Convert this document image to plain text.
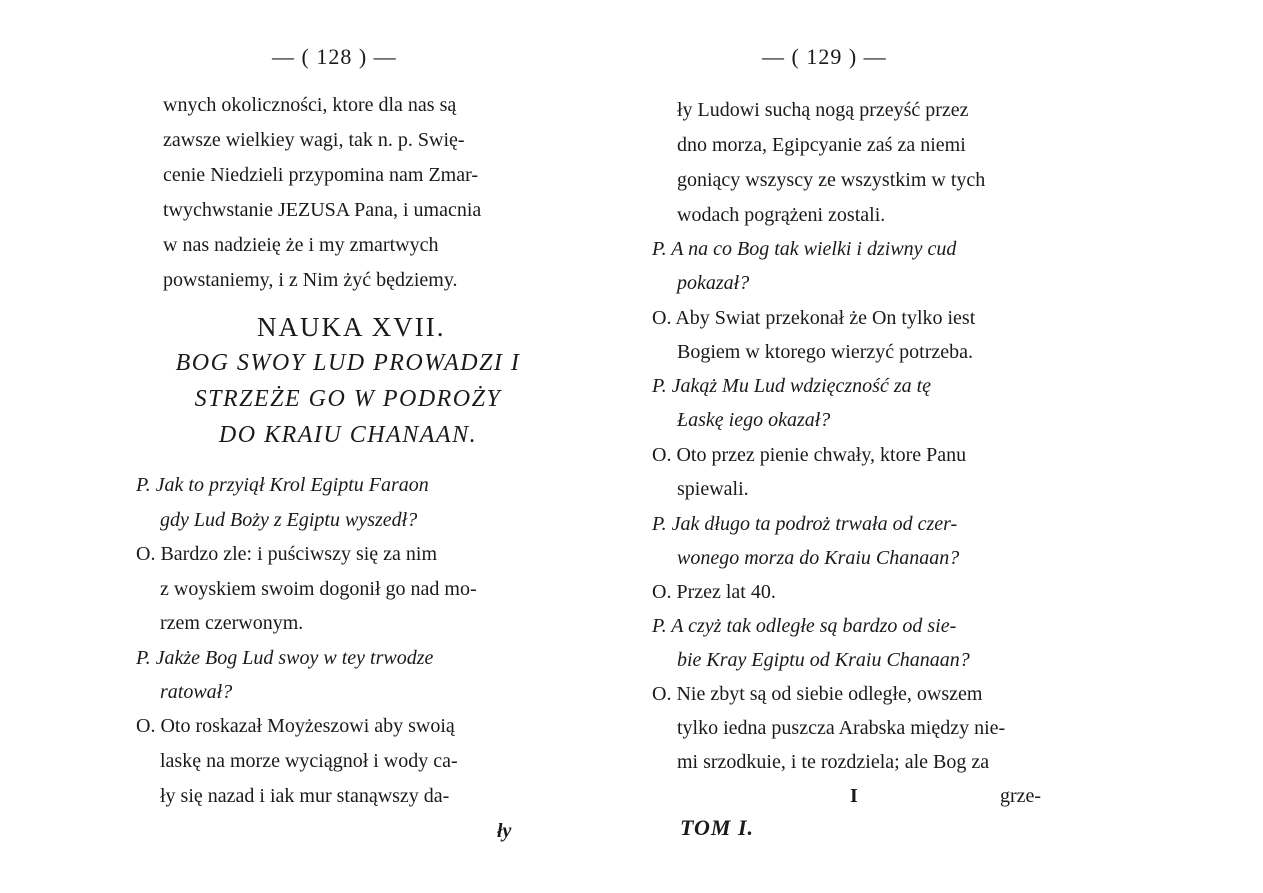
— ( 128 ) —
wnych okoliczności, ktore dla nas są
zawsze wielkiey wagi, tak n. p. Swię-
cenie Niedzieli przypomina nam Zmar-
twychwstanie JEZUSA Pana, i umacnia
w nas nadzieię że i my zmartwych
powstaniemy, i z Nim żyć będziemy.
NAUKA XVII.
BOG SWOY LUD PROWADZI I
STRZEŻE GO W PODROŻY
DO KRAIU CHANAAN.
P. Jak to przyiął Krol Egiptu Faraon
gdy Lud Boży z Egiptu wyszedł?
O. Bardzo zle: i puściwszy się za nim
z woyskiem swoim dogonił go nad mo-
rzem czerwonym.
P. Jakże Bog Lud swoy w tey trwodze
ratował?
O. Oto roskazał Moyżeszowi aby swoią
laskę na morze wyciągnoł i wody ca-
ły się nazad i iak mur stanąwszy da-
ły
— ( 129 ) —
ły Ludowi suchą nogą przeyść przez
dno morza, Egipcyanie zaś za niemi
goniący wszyscy ze wszystkim w tych
wodach pogrążeni zostali.
P. A na co Bog tak wielki i dziwny cud
pokazał?
O. Aby Swiat przekonał że On tylko iest
Bogiem w ktorego wierzyć potrzeba.
P. Jakąż Mu Lud wdzięczność za tę
Łaskę iego okazał?
O. Oto przez pienie chwały, ktore Panu
spiewali.
P. Jak długo ta podroż trwała od czer-
wonego morza do Kraiu Chanaan?
O. Przez lat 40.
P. A czyż tak odległe są bardzo od sie-
bie Kray Egiptu od Kraiu Chanaan?
O. Nie zbyt są od siebie odległe, owszem
tylko iedna puszcza Arabska między nie-
mi srzodkuie, i te rozdziela; ale Bog za
I	grze-
TOM I.
